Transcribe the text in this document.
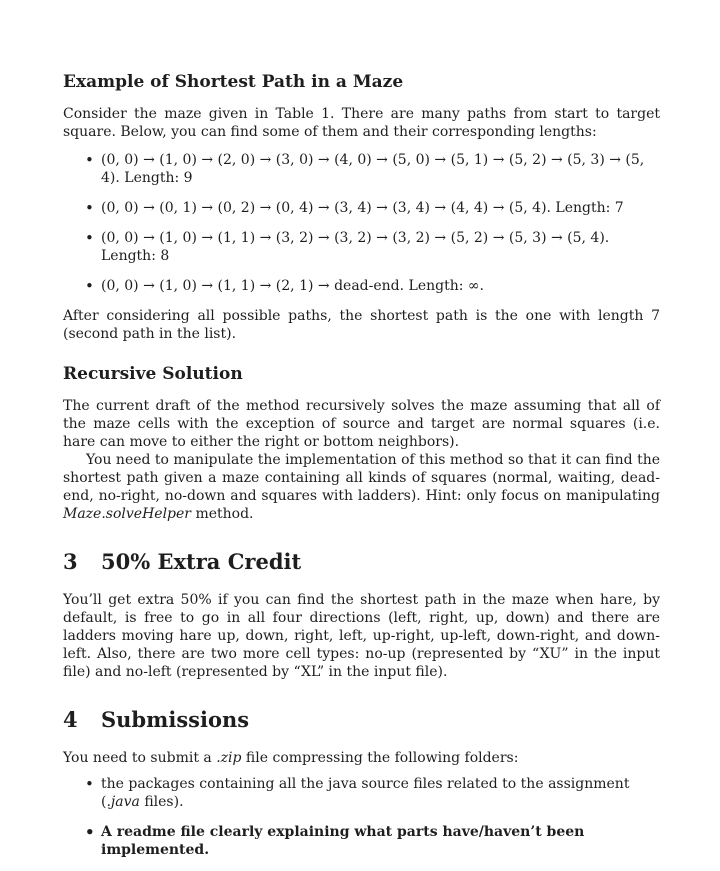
Example of Shortest Path in a Maze

Consider the maze given in Table 1. There are many paths from start to target square. Below, you can find some of them and their corresponding lengths:

• (0, 0) → (1, 0) → (2, 0) → (3, 0) → (4, 0) → (5, 0) → (5, 1) → (5, 2) → (5, 3) → (5, 4). Length: 9
• (0, 0) → (0, 1) → (0, 2) → (0, 4) → (3, 4) → (3, 4) → (4, 4) → (5, 4). Length: 7
• (0, 0) → (1, 0) → (1, 1) → (3, 2) → (3, 2) → (3, 2) → (5, 2) → (5, 3) → (5, 4). Length: 8
• (0, 0) → (1, 0) → (1, 1) → (2, 1) → dead-end. Length: ∞.

After considering all possible paths, the shortest path is the one with length 7 (second path in the list).

Recursive Solution

The current draft of the method recursively solves the maze assuming that all of the maze cells with the exception of source and target are normal squares (i.e. hare can move to either the right or bottom neighbors).

You need to manipulate the implementation of this method so that it can find the shortest path given a maze containing all kinds of squares (normal, waiting, dead-end, no-right, no-down and squares with ladders). Hint: only focus on manipulating Maze.solveHelper method.

3 50% Extra Credit

You’ll get extra 50% if you can find the shortest path in the maze when hare, by default, is free to go in all four directions (left, right, up, down) and there are ladders moving hare up, down, right, left, up-right, up-left, down-right, and down-left. Also, there are two more cell types: no-up (represented by “XU” in the input file) and no-left (represented by “XL” in the input file).

4 Submissions

You need to submit a .zip file compressing the following folders:

• the packages containing all the java source files related to the assignment (.java files).
• A readme file clearly explaining what parts have/haven’t been implemented.
